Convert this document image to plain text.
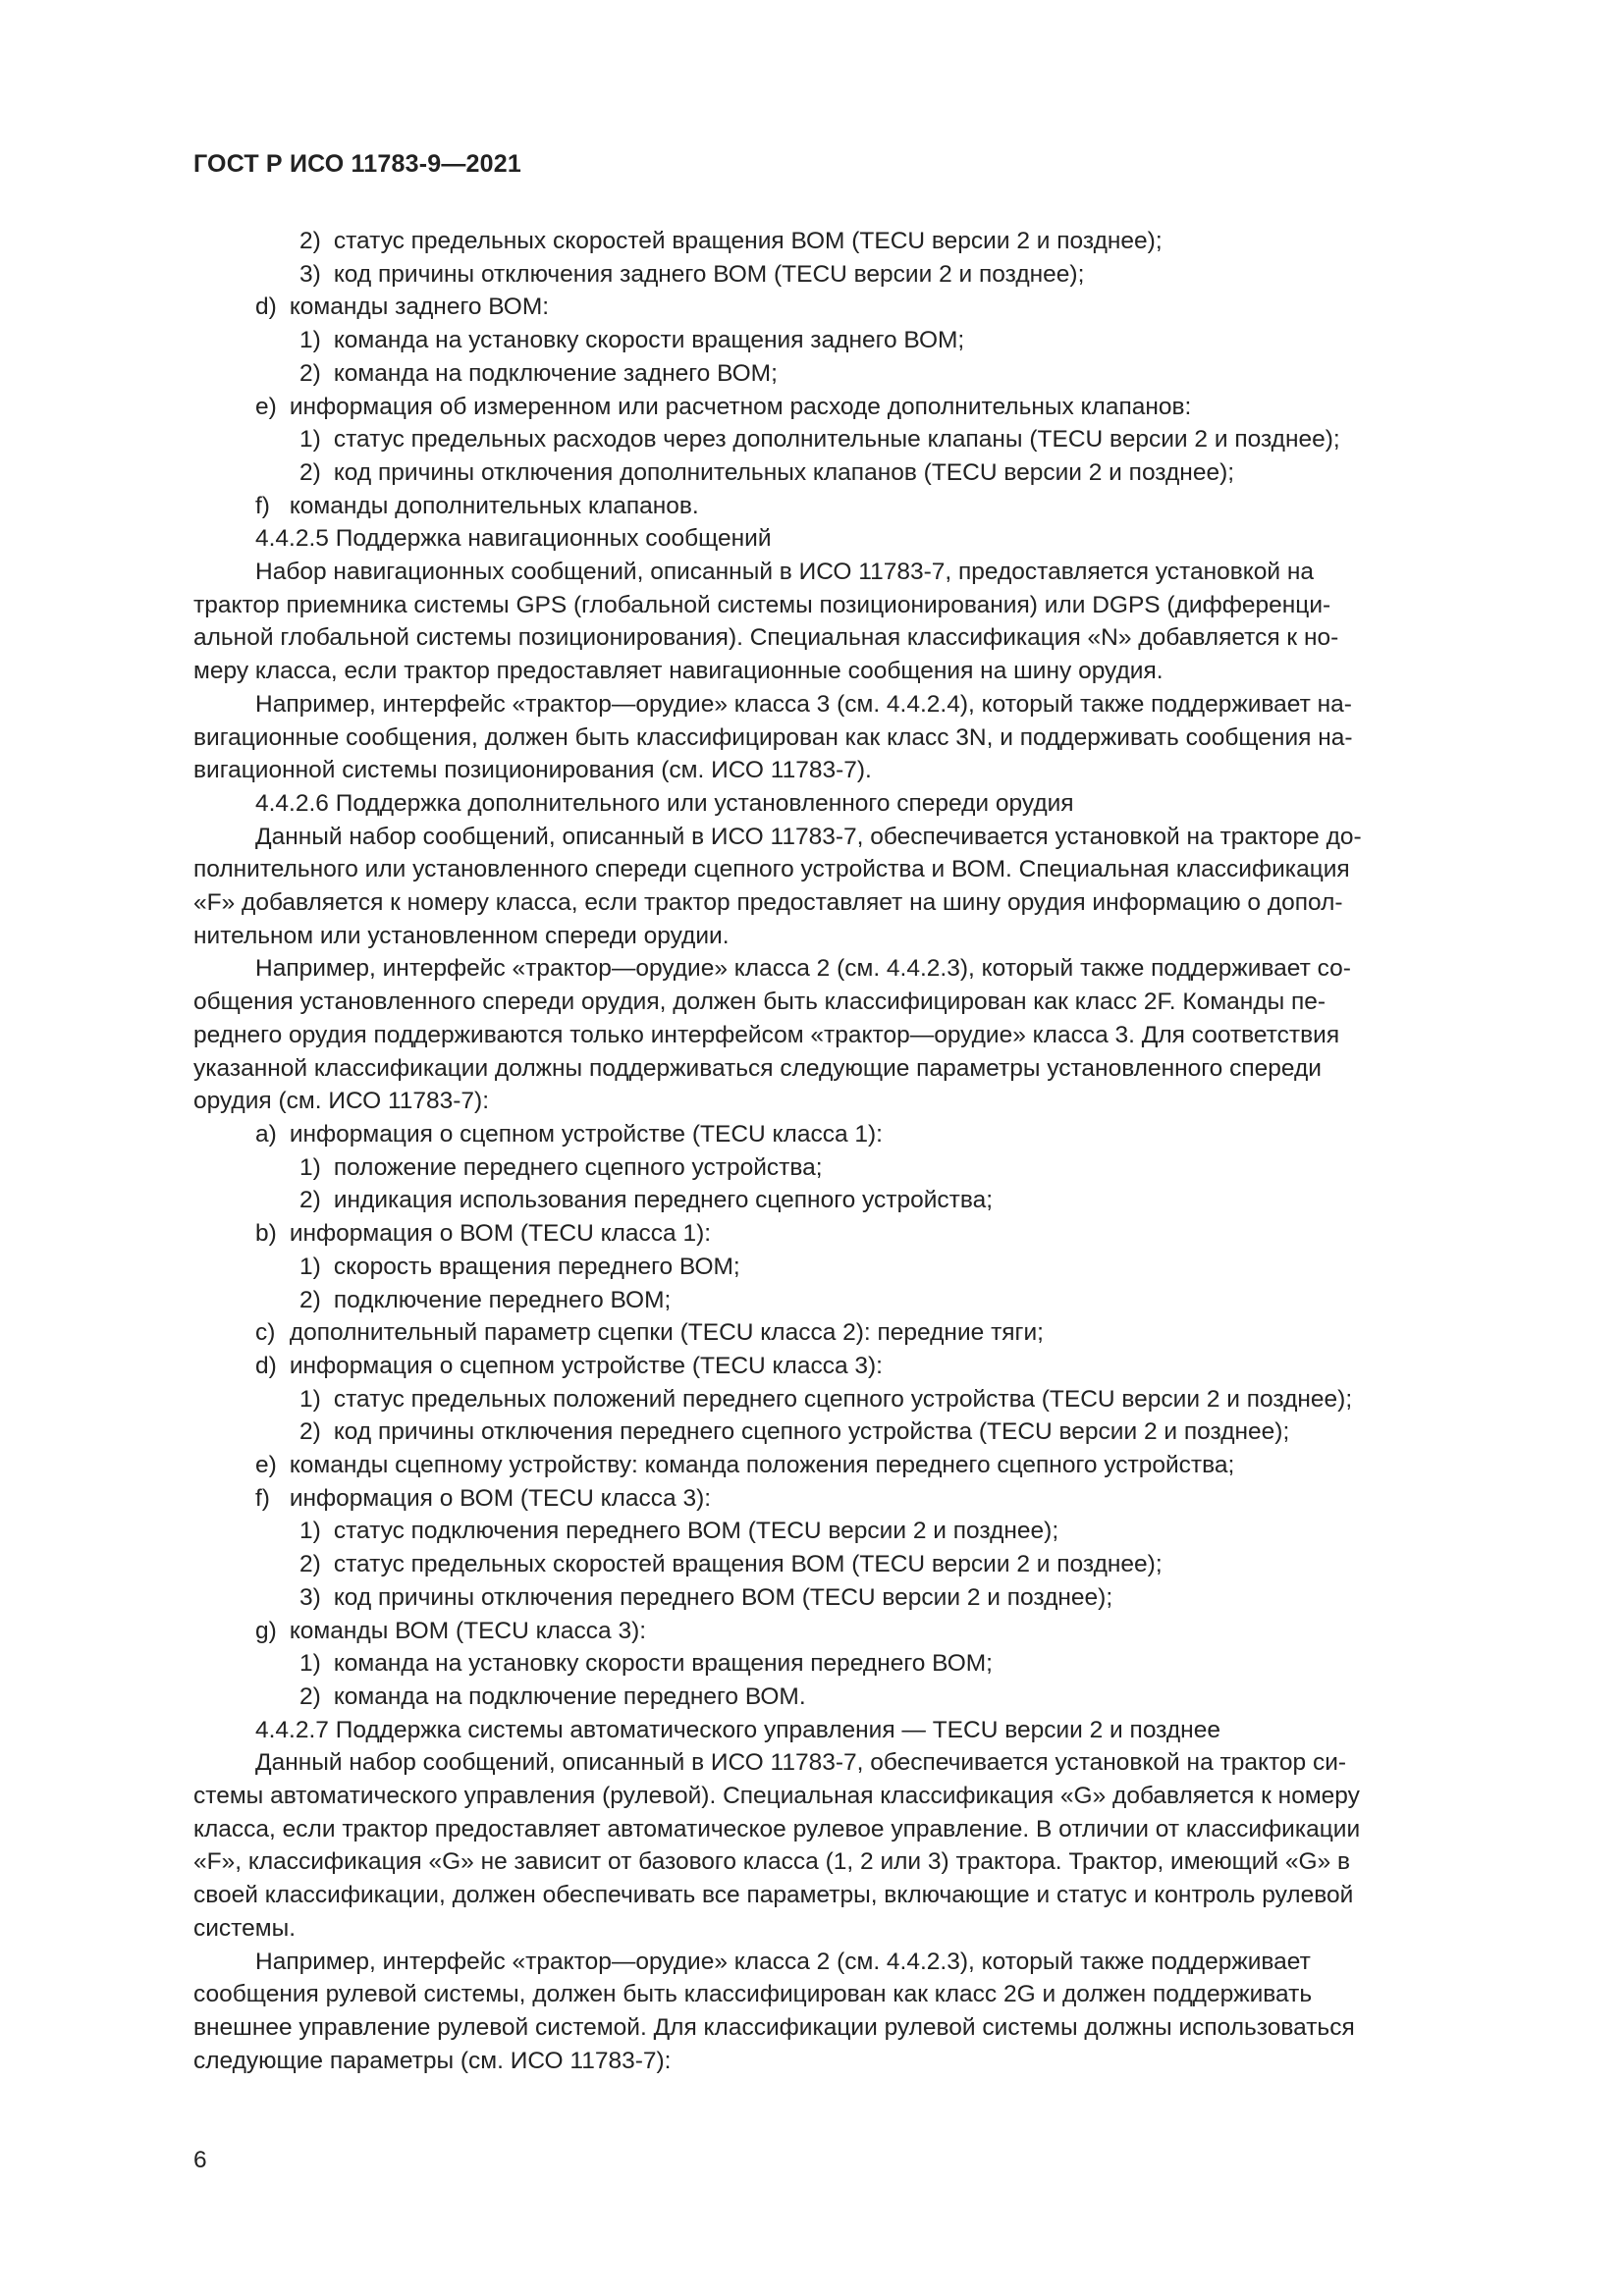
ГОСТ Р ИСО 11783-9—2021

2) статус предельных скоростей вращения ВОМ (TECU версии 2 и позднее);

3) код причины отключения заднего ВОМ (TECU версии 2 и позднее);

d) команды заднего ВОМ:

1) команда на установку скорости вращения заднего ВОМ;

2) команда на подключение заднего ВОМ;

e) информация об измеренном или расчетном расходе дополнительных клапанов:

1) статус предельных расходов через дополнительные клапаны (TECU версии 2 и позднее);

2) код причины отключения дополнительных клапанов (TECU версии 2 и позднее);

f) команды дополнительных клапанов.

4.4.2.5 Поддержка навигационных сообщений

Набор навигационных сообщений, описанный в ИСО 11783-7, предоставляется установкой на

трактор приемника системы GPS (глобальной системы позиционирования) или DGPS (дифференци-

альной глобальной системы позиционирования). Специальная классификация «N» добавляется к но-

меру класса, если трактор предоставляет навигационные сообщения на шину орудия.

Например, интерфейс «трактор—орудие» класса 3 (см. 4.4.2.4), который также поддерживает на-

вигационные сообщения, должен быть классифицирован как класс 3N, и поддерживать сообщения на-

вигационной системы позиционирования (см. ИСО 11783-7).

4.4.2.6 Поддержка дополнительного или установленного спереди орудия

Данный набор сообщений, описанный в ИСО 11783-7, обеспечивается установкой на тракторе до-

полнительного или установленного спереди сцепного устройства и ВОМ. Специальная классификация

«F» добавляется к номеру класса, если трактор предоставляет на шину орудия информацию о допол-

нительном или установленном спереди орудии.

Например, интерфейс «трактор—орудие» класса 2 (см. 4.4.2.3), который также поддерживает со-

общения установленного спереди орудия, должен быть классифицирован как класс 2F. Команды пе-

реднего орудия поддерживаются только интерфейсом «трактор—орудие» класса 3. Для соответствия

указанной классификации должны поддерживаться следующие параметры установленного спереди

орудия (см. ИСО 11783-7):

a) информация о сцепном устройстве (TECU класса 1):

1) положение переднего сцепного устройства;

2) индикация использования переднего сцепного устройства;

b) информация о ВОМ (TECU класса 1):

1) скорость вращения переднего ВОМ;

2) подключение переднего ВОМ;

c) дополнительный параметр сцепки (TECU класса 2): передние тяги;

d) информация о сцепном устройстве (TECU класса 3):

1) статус предельных положений переднего сцепного устройства (TECU версии 2 и позднее);

2) код причины отключения переднего сцепного устройства (TECU версии 2 и позднее);

e) команды сцепному устройству: команда положения переднего сцепного устройства;

f) информация о ВОМ (TECU класса 3):

1) статус подключения переднего ВОМ (TECU версии 2 и позднее);

2) статус предельных скоростей вращения ВОМ (TECU версии 2 и позднее);

3) код причины отключения переднего ВОМ (TECU версии 2 и позднее);

g) команды ВОМ (TECU класса 3):

1) команда на установку скорости вращения переднего ВОМ;

2) команда на подключение переднего ВОМ.

4.4.2.7 Поддержка системы автоматического управления — TECU версии 2 и позднее

Данный набор сообщений, описанный в ИСО 11783-7, обеспечивается установкой на трактор си-

стемы автоматического управления (рулевой). Специальная классификация «G» добавляется к номеру

класса, если трактор предоставляет автоматическое рулевое управление. В отличии от классификации

«F», классификация «G» не зависит от базового класса (1, 2 или 3) трактора. Трактор, имеющий «G» в

своей классификации, должен обеспечивать все параметры, включающие и статус и контроль рулевой

системы.

Например, интерфейс «трактор—орудие» класса 2 (см. 4.4.2.3), который также поддерживает

сообщения рулевой системы, должен быть классифицирован как класс 2G и должен поддерживать

внешнее управление рулевой системой. Для классификации рулевой системы должны использоваться

следующие параметры (см. ИСО 11783-7):

6
